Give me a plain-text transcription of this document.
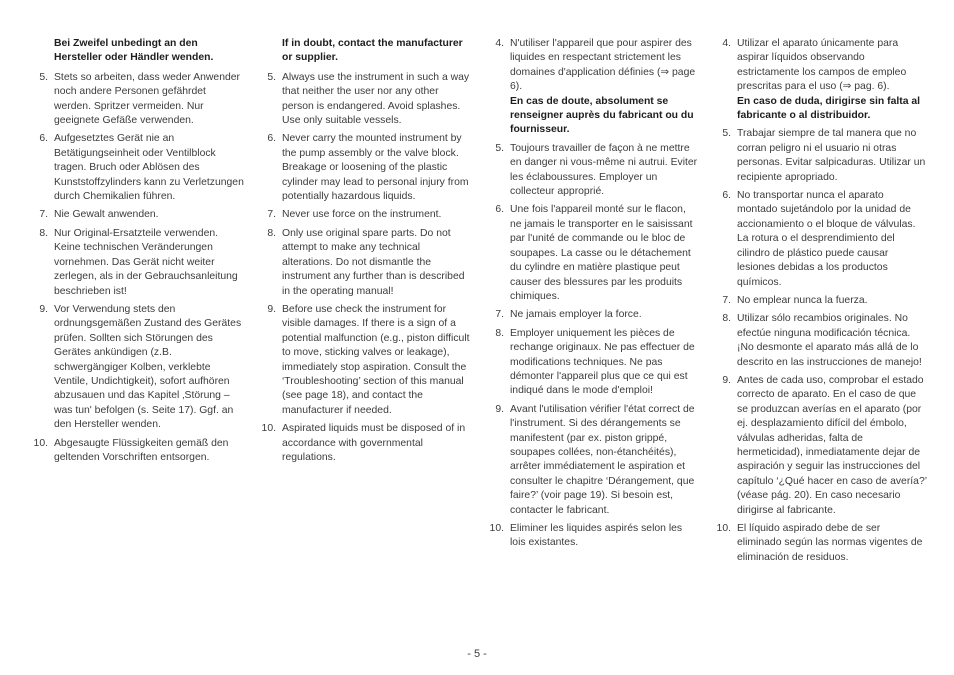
Bei Zweifel unbedingt an den Hersteller oder Händler wenden.

5. Stets so arbeiten, dass weder Anwender noch andere Personen gefährdet werden. Spritzer vermeiden. Nur geeignete Gefäße verwenden.
6. Aufgesetztes Gerät nie an Betätigungseinheit oder Ventilblock tragen. Bruch oder Ablösen des Kunststoffzylinders kann zu Verletzungen durch Chemikalien führen.
7. Nie Gewalt anwenden.
8. Nur Original-Ersatzteile verwenden. Keine technischen Veränderungen vornehmen. Das Gerät nicht weiter zerlegen, als in der Gebrauchsanleitung beschrieben ist!
9. Vor Verwendung stets den ordnungsgemäßen Zustand des Gerätes prüfen. Sollten sich Störungen des Gerätes ankündigen (z.B. schwergängiger Kolben, verklebte Ventile, Undichtigkeit), sofort aufhören abzusauen und das Kapitel ‚Störung – was tun' befolgen (s. Seite 17). Ggf. an den Hersteller wenden.
10. Abgesaugte Flüssigkeiten gemäß den geltenden Vorschriften entsorgen.

If in doubt, contact the manufacturer or supplier.

5. Always use the instrument in such a way that neither the user nor any other person is endangered. Avoid splashes. Use only suitable vessels.
6. Never carry the mounted instrument by the pump assembly or the valve block. Breakage or loosening of the plastic cylinder may lead to personal injury from potentially hazardous liquids.
7. Never use force on the instrument.
8. Only use original spare parts. Do not attempt to make any technical alterations. Do not dismantle the instrument any further than is described in the operating manual!
9. Before use check the instrument for visible damages. If there is a sign of a potential malfunction (e.g., piston difficult to move, sticking valves or leakage), immediately stop aspiration. Consult the ‘Troubleshooting’ section of this manual (see page 18), and contact the manufacturer if needed.
10. Aspirated liquids must be disposed of in accordance with governmental regulations.
4. N'utiliser l'appareil que pour aspirer des liquides en respectant strictement les domaines d'application définies (⇒ page 6).
En cas de doute, absolument se renseigner auprès du fabricant ou du fournisseur.
5. Toujours travailler de façon à ne mettre en danger ni vous-même ni autrui. Eviter les éclaboussures. Employer un collecteur approprié.
6. Une fois l'appareil monté sur le flacon, ne jamais le transporter en le saisissant par l'unité de commande ou le bloc de soupapes. La casse ou le détachement du cylindre en matière plastique peut causer des blessures par les produits chimiques.
7. Ne jamais employer la force.
8. Employer uniquement les pièces de rechange originaux. Ne pas effectuer de modifications techniques. Ne pas démonter l'appareil plus que ce qui est indiqué dans le mode d'emploi!
9. Avant l'utilisation vérifier l'état correct de l'instrument. Si des dérangements se manifestent (par ex. piston grippé, soupapes collées, non-étanchéités), arrêter immédiatement le aspiration et consulter le chapitre ‘Dérangement, que faire?’ (voir page 19). Si besoin est, contacter le fabricant.
10. Eliminer les liquides aspirés selon les lois existantes.
4. Utilizar el aparato únicamente para aspirar líquidos observando estrictamente los campos de empleo prescritas para el uso (⇒ pag. 6).
En caso de duda, dirigirse sin falta al fabricante o al distribuidor.
5. Trabajar siempre de tal manera que no corran peligro ni el usuario ni otras personas. Evitar salpicaduras. Utilizar un recipiente apropriado.
6. No transportar nunca el aparato montado sujetándolo por la unidad de accionamiento o el bloque de válvulas. La rotura o el desprendimiento del cilindro de plástico puede causar lesiones debidas a los productos químicos.
7. No emplear nunca la fuerza.
8. Utilizar sólo recambios originales. No efectúe ninguna modificación técnica. ¡No desmonte el aparato más allá de lo descrito en las instrucciones de manejo!
9. Antes de cada uso, comprobar el estado correcto de aparato. En el caso de que se produzcan averías en el aparato (por ej. desplazamiento difícil del émbolo, válvulas adheridas, falta de hermeticidad), inmediatamente dejar de aspiración y seguir las instrucciones del capítulo ‘¿Qué hacer en caso de avería?’ (véase pág. 20). En caso necesario dirigirse al fabricante.
10. El líquido aspirado debe de ser eliminado según las normas vigentes de eliminación de residuos.
- 5 -
